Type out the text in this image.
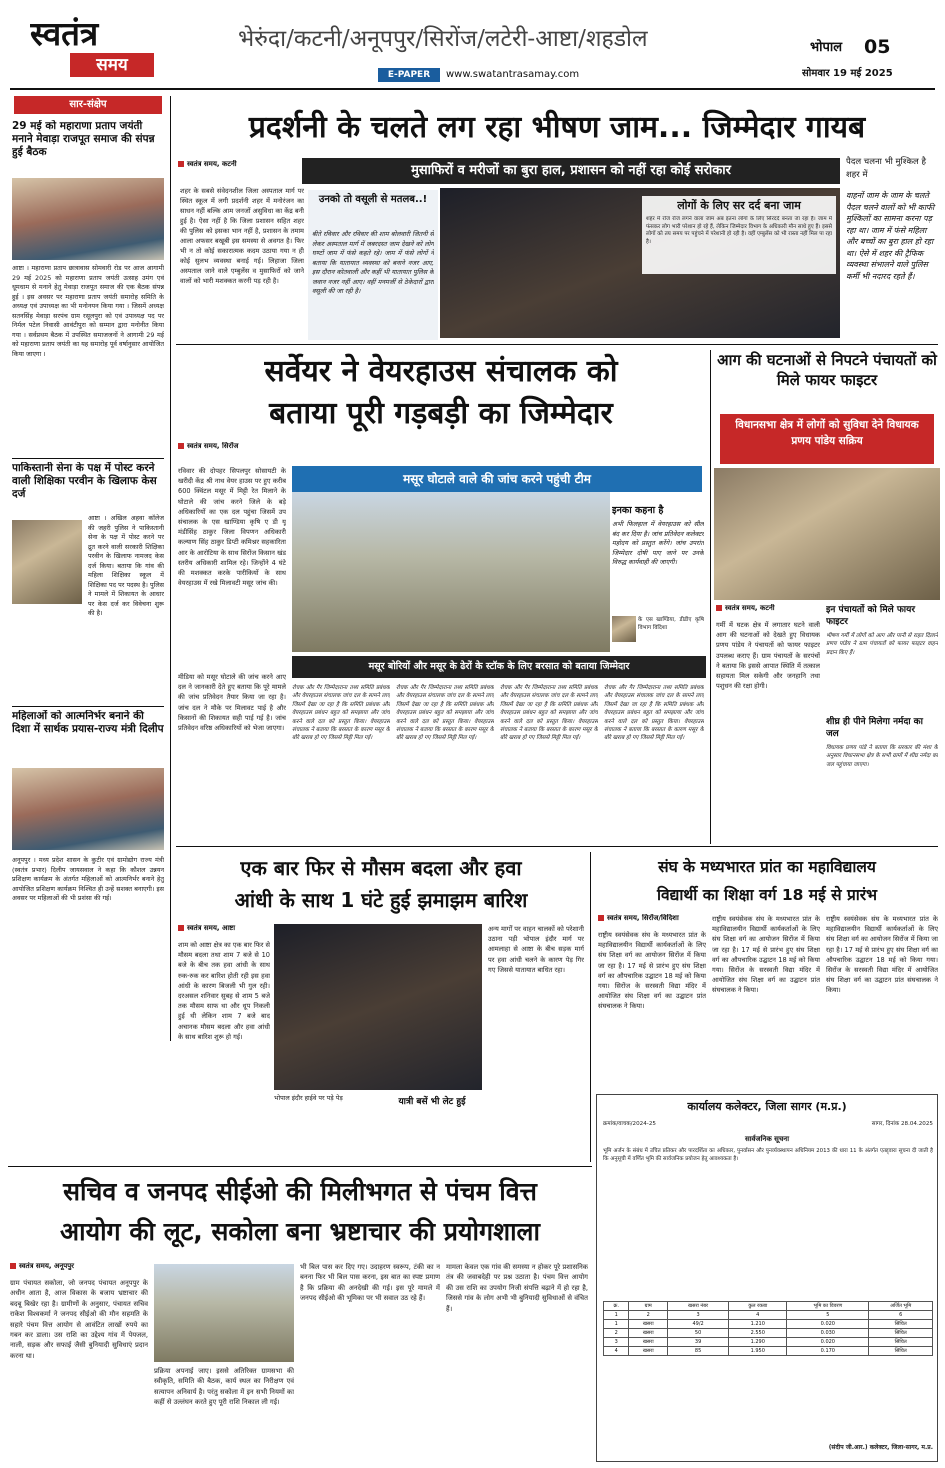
स्वतंत्र
समय
भेरुंदा/कटनी/अनूपपुर/सिरोंज/लटेरी-आष्टा/शहडोल
E-PAPER	www.swatantrasamay.com
भोपाल	05
सोमवार 19 मई 2025
सार-संक्षेप
29 मई को महाराणा प्रताप जयंती मनाने मेवाड़ा राजपूत समाज की संपन्न हुई बैठक
आष्टा । महाराणा प्रताप छात्रावास सोमवारी रोड पर आज आगामी 29 मई 2025 को महाराणा प्रताप जयंती उत्साह उमंग एवं धूमधाम से मनाने हेतु मेवाड़ा राजपूत समाज की एक बैठक संपन्न हुई । इस अवसर पर महाराणा प्रताप जयंती समारोह समिति के अध्यक्ष एवं उपाध्यक्ष का भी मनोनयन किया गया । जिसमें अध्यक्ष सतनसिंह मेवाड़ा सरपंच ग्राम रसूलपुरा को एवं उपाध्यक्ष पद पर निर्मल पटेल निवासी आवंटीपुरा को सम्मान द्वारा मनोनीत किया गया । सर्वप्रथम बैठक में उपस्थित समाजजनों ने आगामी 29 मई को महाराणा प्रताप जयंती का यह समारोह पूर्व वर्षानुसार आयोजित किया जाएगा ।
पाकिस्तानी सेना के पक्ष में पोस्ट करने वाली शिक्षिका परवीन के खिलाफ केस दर्ज
आष्टा । अखिल अहवा कॉलेज की जहरी पुलिस ने पाकिस्तानी सेना के पक्ष में पोस्ट करने पर द्रुत करने वाली सरकारी शिक्षिका परवीन के खिलाफ नामजद केस दर्ज किया। बताया कि गांव की महिला शिक्षिका स्कूल में शिक्षिका पद पर पदस्थ है। पुलिस ने मामले में शिकायत के आधार पर केस दर्ज कर विवेचना शुरू की है।
महिलाओं को आत्मनिर्भर बनाने की दिशा में सार्थक प्रयास-राज्य मंत्री दिलीप
अनूपपुर । मध्य प्रदेश शासन के कुटीर एवं ग्रामोद्योग राज्य मंत्री (स्वतंत्र प्रभार) दिलीप जायसवाल ने कहा कि कौशल उन्नयन प्रशिक्षण कार्यक्रम के अंतर्गत महिलाओं को आत्मनिर्भर बनाने हेतु आयोजित प्रशिक्षण कार्यक्रम निश्चित ही उन्हें सशक्त बनाएगी। इस अवसर पर महिलाओं की भी प्रशंसा की गई।
प्रदर्शनी के चलते लग रहा भीषण जाम... जिम्मेदार गायब
स्वतंत्र समय, कटनी	मुसाफिरों व मरीजों का बुरा हाल, प्रशासन को नहीं रहा कोई सरोकार
शहर के सबसे संवेदनशील जिला अस्पताल मार्ग पर स्थित स्कूल में लगी प्रदर्शनी शहर में मनोरंजन का साधन नहीं बल्कि आम जनजों असुविधा का केंद्र बनी हुई है। ऐसा नहीं है कि जिला प्रशासन सहित शहर की पुलिस को इसका भान नहीं है, प्रशासन के तमाम आला अफसर बखूबी इस समस्या से अवगत है। फिर भी न तो कोई सकारात्मक कदम उठाया गया न ही कोई सुलभ व्यवस्था बनाई गई। लिहाजा जिला अस्पताल जाने वाले एम्बुलेंस व मुसाफिरों को जाने वालों को भारी मशक्कत करनी पड़ रही है।
उनको तो वसूली से मतलब..!
बीते रविवार और रविवार की शाम बोलवारी जितनी से लेकर अस्पताल मार्ग में जबरदस्त जाम देखने को लोग घण्टों जाम में फंसे कहते रहे। जाम में फंसे लोगों ने बताया कि यातायात व्यवस्था को बनाने नजर आए, इस दौरान कोतवाली और कहीं भी यातायात पुलिस के जवान नजर नहीं आए। वहीं मनमर्जी से ठेकेदारों द्वारा वसूली की जा रही है।
लोगों के लिए सर दर्द बना जाम
शहर में रोज रोज लगने वाला जाम अब इतना लोगों के लिए सिरदर्द बनता जा रहा है। जाम में फंसकर लोग भारी परेशान हो रहे हैं, लेकिन जिम्मेदार विभाग के अधिकारी मौन साधे हुए हैं। इससे लोगों को तय समय पर पहुंचने में परेशानी हो रही है। वहीं एम्बुलेंस को भी रास्ता नहीं मिल पा रहा है।
पैदल चलना भी मुश्किल है शहर में
वाहनों जाम के जाम के चलते पैदल चलने वालों को भी काफी मुश्किलों का सामना करना पड़ रहा था। जाम में फंसे महिला और बच्चों का बुरा हाल हो रहा था। ऐसे में शहर की ट्रैफिक व्यवस्था संभालने वाले पुलिस कर्मी भी नदारद रहते हैं।
सर्वेयर ने वेयरहाउस संचालक को
बताया पूरी गड़बड़ी का जिम्मेदार
स्वतंत्र समय, सिरोंज
रविवार की दोपहर सिपलपुर सोसायटी के खरीदी केंद्र श्री नाथ वेयर हाउस पर हुए करीब 600 क्विंटल मसूर में मिट्टी रेत मिलाने के घोटाले की जांच करने जिले के बड़े अधिकारियों का एक दल पहुंचा जिसमें उप संचालक के एस खाण्डिया कृषि ए डी यू मंडीसिंह ठाकुर जिला विपणन अधिकारी कल्याण सिंह ठाकुर डिप्टी कमिश्नर सहकारिता आर के आरोटिया के साथ सिरोंज किसान खंड स्तरीय अधिकारी शामिल रहे। जिन्होंने 4 घंटे की मशक्कत करके पारीकियों के साथ वेयरहाउस में रखे मिलावटी मसूर जांच की।
मीडिया को मसूर घोटाले की जांच करने आए दल ने जानकारी देते हुए बताया कि पूरे मामले की जांच प्रतिवेदन तैयार किया जा रहा है। जांच दल ने मौके पर मिलावट पाई है और किसानों की शिकायत सही पाई गई है। जांच प्रतिवेदन वरिष्ठ अधिकारियों को भेजा जाएगा।
मसूर घोटाले वाले की जांच करने पहुंची टीम
इनका कहना है
अभी फिलहाल में वेयरहाउस को सील बंद कर दिया है। जांच प्रतिवेदन कलेक्टर महोदय को प्रस्तुत करेंगे। जांच उपरांत जिम्मेदार दोषी पाए जाने पर उनके विरुद्ध कार्यवाही की जाएगी।
के एस खाण्डिया, डीडीए कृषि विभाग विदिशा
मसूर बोरियों और मसूर के ढेरों के स्टॉक के लिए बरसात को बताया जिम्मेदार
रोचक और गैर जिम्मेदाराना तथ्य समिति प्रबंधक और वेयरहाउस संचालक जांच दल के सामने लाए जिसमें देखा जा रहा है कि समिति प्रबंधक और वेयरहाउस प्रबंधन बहुत को समझाया और जांच करने वाले दल को प्रस्तुत किया। वेयरहाउस संचालक ने बताया कि बरसात के कारण मसूर के बोरे खराब हो गए जिससे मिट्टी मिल गई।
रोचक और गैर जिम्मेदाराना तथ्य समिति प्रबंधक और वेयरहाउस संचालक जांच दल के सामने लाए जिसमें देखा जा रहा है कि समिति प्रबंधक और वेयरहाउस प्रबंधन बहुत को समझाया और जांच करने वाले दल को प्रस्तुत किया। वेयरहाउस संचालक ने बताया कि बरसात के कारण मसूर के बोरे खराब हो गए जिससे मिट्टी मिल गई।
रोचक और गैर जिम्मेदाराना तथ्य समिति प्रबंधक और वेयरहाउस संचालक जांच दल के सामने लाए जिसमें देखा जा रहा है कि समिति प्रबंधक और वेयरहाउस प्रबंधन बहुत को समझाया और जांच करने वाले दल को प्रस्तुत किया। वेयरहाउस संचालक ने बताया कि बरसात के कारण मसूर के बोरे खराब हो गए जिससे मिट्टी मिल गई।
रोचक और गैर जिम्मेदाराना तथ्य समिति प्रबंधक और वेयरहाउस संचालक जांच दल के सामने लाए जिसमें देखा जा रहा है कि समिति प्रबंधक और वेयरहाउस प्रबंधन बहुत को समझाया और जांच करने वाले दल को प्रस्तुत किया। वेयरहाउस संचालक ने बताया कि बरसात के कारण मसूर के बोरे खराब हो गए जिससे मिट्टी मिल गई।
आग की घटनाओं से निपटने पंचायतों को मिले फायर फाइटर
विधानसभा क्षेत्र में लोगों को सुविधा देने विधायक प्रणय पांडेय सक्रिय
स्वतंत्र समय, कटनी
गर्मी में घटक क्षेत्र में लगातार घटने वाली आग की घटनाओं को देखते हुए विधायक प्रणय पांडेय ने पंचायतों को फायर फाइटर उपलब्ध कराए हैं। ग्राम पंचायतों के सरपंचों ने बताया कि इससे आपात स्थिति में तत्काल सहायता मिल सकेगी और जनहानि तथा पशुधन की रक्षा होगी।
इन पंचायतों को मिले फायर फाइटर
भीषण गर्मी में लोगों को आग और पानी से राहत दिलाने प्रणय पांडेय ने ग्राम पंचायतों को फायर फाइटर वाहन प्रदान किए हैं।
शीघ्र ही पीने मिलेगा नर्मदा का जल
विधायक प्रणय पांडे ने बताया कि सरकार की मंशा के अनुसार विधानसभा क्षेत्र के सभी ग्रामों में शीघ्र नर्मदा का जल पहुंचाया जाएगा।
एक बार फिर से मौसम बदला और हवा
आंधी के साथ 1 घंटे हुई झमाझम बारिश
स्वतंत्र समय, आष्टा
शाम को आष्टा क्षेत्र का एक बार फिर से मौसम बदला तथा शाम 7 बजे से 10 बजे के बीच तक हवा आंधी के साथ रुक-रुक कर बारिश होती रही इस हवा आंधी के कारण बिजली भी गुल रही। दरअसल शनिवार सुबह से शाम 5 बजे तक मौसम साफ था और धूप निकली हुई थी लेकिन शाम 7 बजे बाद अचानक मौसम बदला और हवा आंधी के साथ बारिश शुरू हो गई।
भोपाल इंदौर हाईवे पर पड़े पेड़	यात्री बसें भी लेट हुई
अन्य मार्गों पर वाहन चालकों को परेशानी उठाना पड़ी भोपाल इंदौर मार्ग पर आमलाहा से आष्टा के बीच सड़क मार्ग पर हवा आंधी चलने के कारण पेड़ गिर गए जिससे यातायात बाधित रहा।
संघ के मध्यभारत प्रांत का महाविद्यालय
विद्यार्थी का शिक्षा वर्ग 18 मई से प्रारंभ
स्वतंत्र समय, सिरोंज/विदिशा
राष्ट्रीय स्वयंसेवक संघ के मध्यभारत प्रांत के महाविद्यालयीन विद्यार्थी कार्यकर्ताओं के लिए संघ शिक्षा वर्ग का आयोजन सिरोंज में किया जा रहा है। 17 मई से प्रारंभ हुए संघ शिक्षा वर्ग का औपचारिक उद्घाटन 18 मई को किया गया। सिरोंज के सरस्वती विद्या मंदिर में आयोजित संघ शिक्षा वर्ग का उद्घाटन प्रांत संघचालक ने किया।
राष्ट्रीय स्वयंसेवक संघ के मध्यभारत प्रांत के महाविद्यालयीन विद्यार्थी कार्यकर्ताओं के लिए संघ शिक्षा वर्ग का आयोजन सिरोंज में किया जा रहा है। 17 मई से प्रारंभ हुए संघ शिक्षा वर्ग का औपचारिक उद्घाटन 18 मई को किया गया। सिरोंज के सरस्वती विद्या मंदिर में आयोजित संघ शिक्षा वर्ग का उद्घाटन प्रांत संघचालक ने किया।
राष्ट्रीय स्वयंसेवक संघ के मध्यभारत प्रांत के महाविद्यालयीन विद्यार्थी कार्यकर्ताओं के लिए संघ शिक्षा वर्ग का आयोजन सिरोंज में किया जा रहा है। 17 मई से प्रारंभ हुए संघ शिक्षा वर्ग का औपचारिक उद्घाटन 18 मई को किया गया। सिरोंज के सरस्वती विद्या मंदिर में आयोजित संघ शिक्षा वर्ग का उद्घाटन प्रांत संघचालक ने किया।
कार्यालय कलेक्टर, जिला सागर (म.प्र.)
क्रमांक/वाचक/2024-25	सागर, दिनांक 28.04.2025
सार्वजनिक सूचना
भूमि अर्जन के संबंध में उचित प्रतिकर और पारदर्शिता का अधिकार, पुनर्वासन और पुनर्व्यवस्थापन अधिनियम 2013 की धारा 11 के अंतर्गत एतद्द्वारा सूचना दी जाती है कि अनुसूची में वर्णित भूमि की सार्वजनिक प्रयोजन हेतु आवश्यकता है।
क्र.	ग्राम	खसरा नंबर	कुल रकबा	भूमि का विवरण	अर्जित भूमि
1	2	3	4	5	6
1	खसरा	49/2	1.210	0.020	सिंचित
2	खसरा	50	2.550	0.030	सिंचित
3	खसरा	39	1.290	0.020	सिंचित
4	खसरा	85	1.950	0.170	सिंचित
(संदीप जी.आर.) कलेक्टर, जिला-सागर, म.प्र.
सचिव व जनपद सीईओ की मिलीभगत से पंचम वित्त
आयोग की लूट, सकोला बना भ्रष्टाचार की प्रयोगशाला
स्वतंत्र समय, अनूपपुर
ग्राम पंचायत सकोला, जो जनपद पंचायत अनूपपुर के अधीन आता है, आज विकास के बजाय भ्रष्टाचार की बदबू बिखेर रहा है। ग्रामीणों के अनुसार, पंचायत सचिव राकेश विश्वकर्मा ने जनपद सीईओ की मौन सहमति के सहारे पंचम वित्त आयोग से आवंटित लाखों रुपये का गबन कर डाला। उस राशि का उद्देश्य गांव में पेयजल, नाली, सड़क और सफाई जैसी बुनियादी सुविधाएं प्रदान करना था।
प्रक्रिया अपनाई जाए। इससे अतिरिक्त ग्रामसभा की स्वीकृति, समिति की बैठक, कार्य स्थल का निरीक्षण एवं सत्यापन अनिवार्य है। परंतु सकोला में इन सभी नियमों का कहीं से उल्लंघन करते हुए पूरी राशि निकाल ली गई।
भी बिल पास कर दिए गए। उदाहरण स्वरूप, टंकी का न बनना फिर भी बिल पास करना, इस बात का स्पष्ट प्रमाण है कि प्रक्रिया की अनदेखी की गई। इस पूरे मामले में जनपद सीईओ की भूमिका पर भी सवाल उठ रहे हैं।
मामला केवल एक गांव की समस्या न होकर पूरे प्रशासनिक तंत्र की जवाबदेही पर प्रश्न उठाता है। पंचम वित्त आयोग की उस राशि का उपयोग निजी संपत्ति बढ़ाने में हो रहा है, जिससे गांव के लोग अभी भी बुनियादी सुविधाओं से वंचित हैं।
